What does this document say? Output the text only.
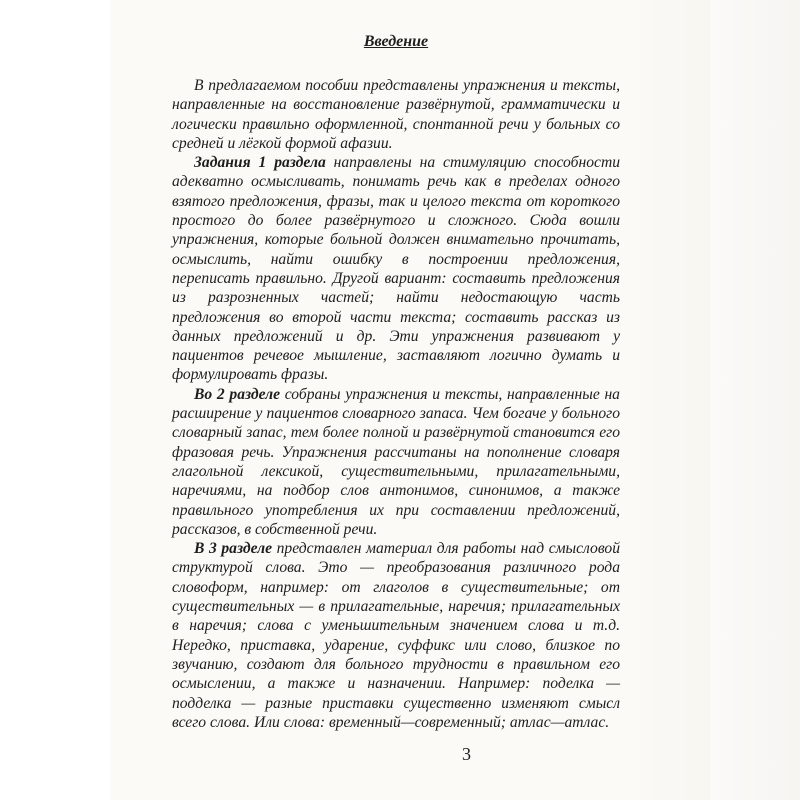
Введение

В предлагаемом пособии представлены упражнения и тексты, направленные на восстановление развёрнутой, грамматически и логически правильно оформленной, спонтанной речи у больных со средней и лёгкой формой афазии.

Задания 1 раздела направлены на стимуляцию способности адекватно осмысливать, понимать речь как в пределах одного взятого предложения, фразы, так и целого текста от короткого простого до более развёрнутого и сложного. Сюда вошли упражнения, которые больной должен внимательно прочитать, осмыслить, найти ошибку в построении предложения, переписать правильно. Другой вариант: составить предложения из разрозненных частей; найти недостающую часть предложения во второй части текста; составить рассказ из данных предложений и др. Эти упражнения развивают у пациентов речевое мышление, заставляют логично думать и формулировать фразы.

Во 2 разделе собраны упражнения и тексты, направленные на расширение у пациентов словарного запаса. Чем богаче у больного словарный запас, тем более полной и развёрнутой становится его фразовая речь. Упражнения рассчитаны на пополнение словаря глагольной лексикой, существительными, прилагательными, наречиями, на подбор слов антонимов, синонимов, а также правильного употребления их при составлении предложений, рассказов, в собственной речи.

В 3 разделе представлен материал для работы над смысловой структурой слова. Это — преобразования различного рода словоформ, например: от глаголов в существительные; от существительных — в прилагательные, наречия; прилагательных в наречия; слова с уменьшительным значением слова и т.д. Нередко, приставка, ударение, суффикс или слово, близкое по звучанию, создают для больного трудности в правильном его осмыслении, а также и назначении. Например: поделка — подделка — разные приставки существенно изменяют смысл всего слова. Или слова: временный—современный; атлас—атлас.

3
